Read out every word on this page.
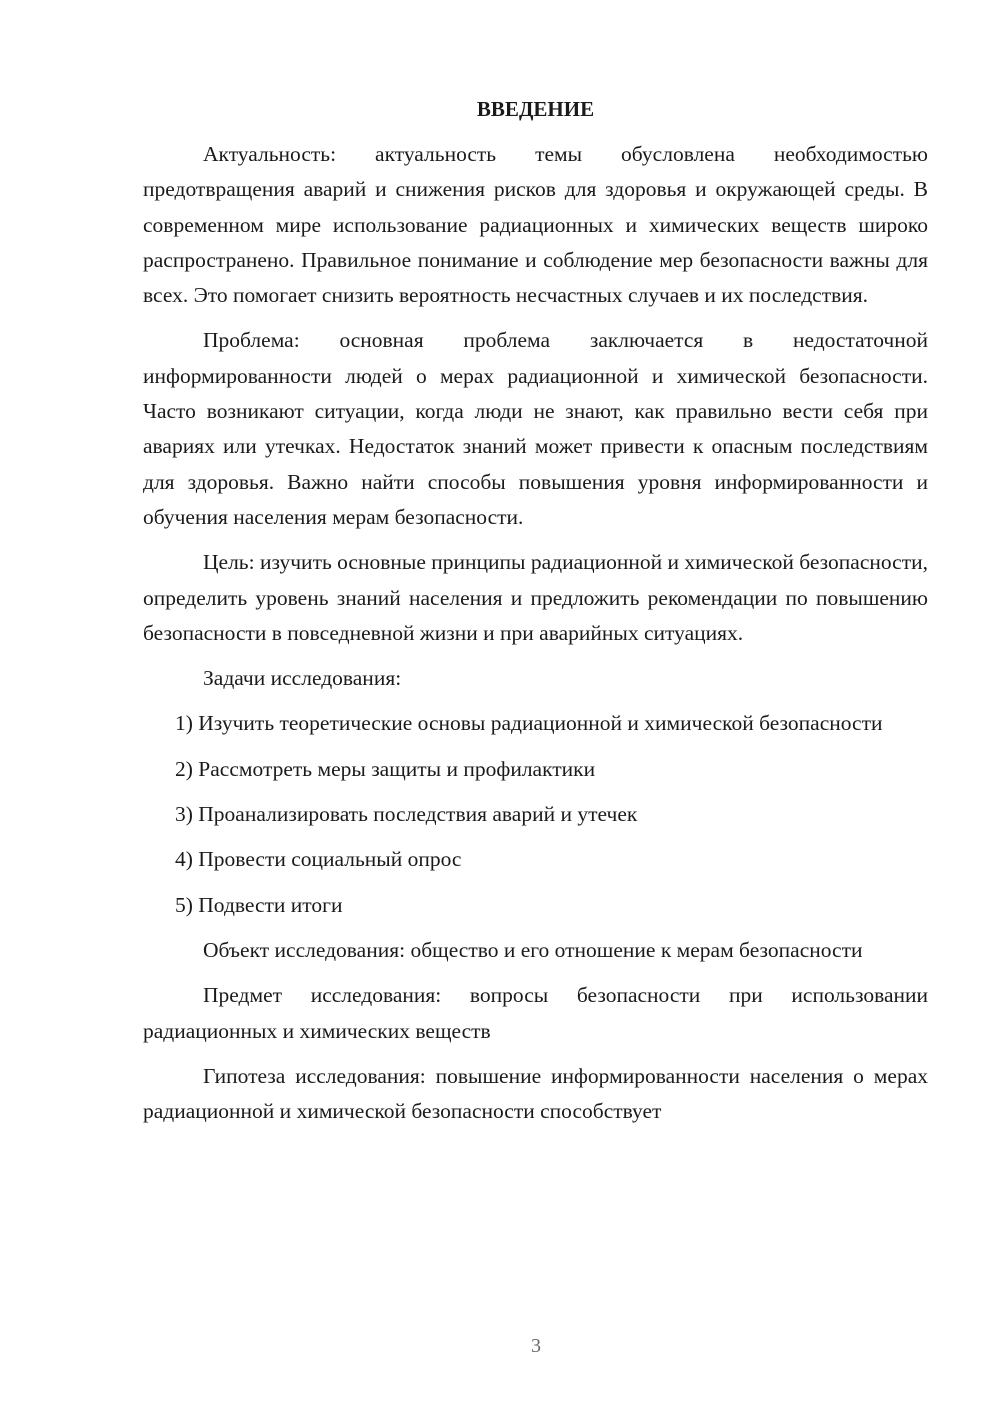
ВВЕДЕНИЕ

Актуальность: актуальность темы обусловлена необходимостью предотвращения аварий и снижения рисков для здоровья и окружающей среды. В современном мире использование радиационных и химических веществ широко распространено. Правильное понимание и соблюдение мер безопасности важны для всех. Это помогает снизить вероятность несчастных случаев и их последствия.

Проблема: основная проблема заключается в недостаточной информированности людей о мерах радиационной и химической безопасности. Часто возникают ситуации, когда люди не знают, как правильно вести себя при авариях или утечках. Недостаток знаний может привести к опасным последствиям для здоровья. Важно найти способы повышения уровня информированности и обучения населения мерам безопасности.

Цель: изучить основные принципы радиационной и химической безопасности, определить уровень знаний населения и предложить рекомендации по повышению безопасности в повседневной жизни и при аварийных ситуациях.

Задачи исследования:

1) Изучить теоретические основы радиационной и химической безопасности

2) Рассмотреть меры защиты и профилактики

3) Проанализировать последствия аварий и утечек

4) Провести социальный опрос

5) Подвести итоги

Объект исследования: общество и его отношение к мерам безопасности

Предмет исследования: вопросы безопасности при использовании радиационных и химических веществ

Гипотеза исследования: повышение информированности населения о мерах радиационной и химической безопасности способствует

3
